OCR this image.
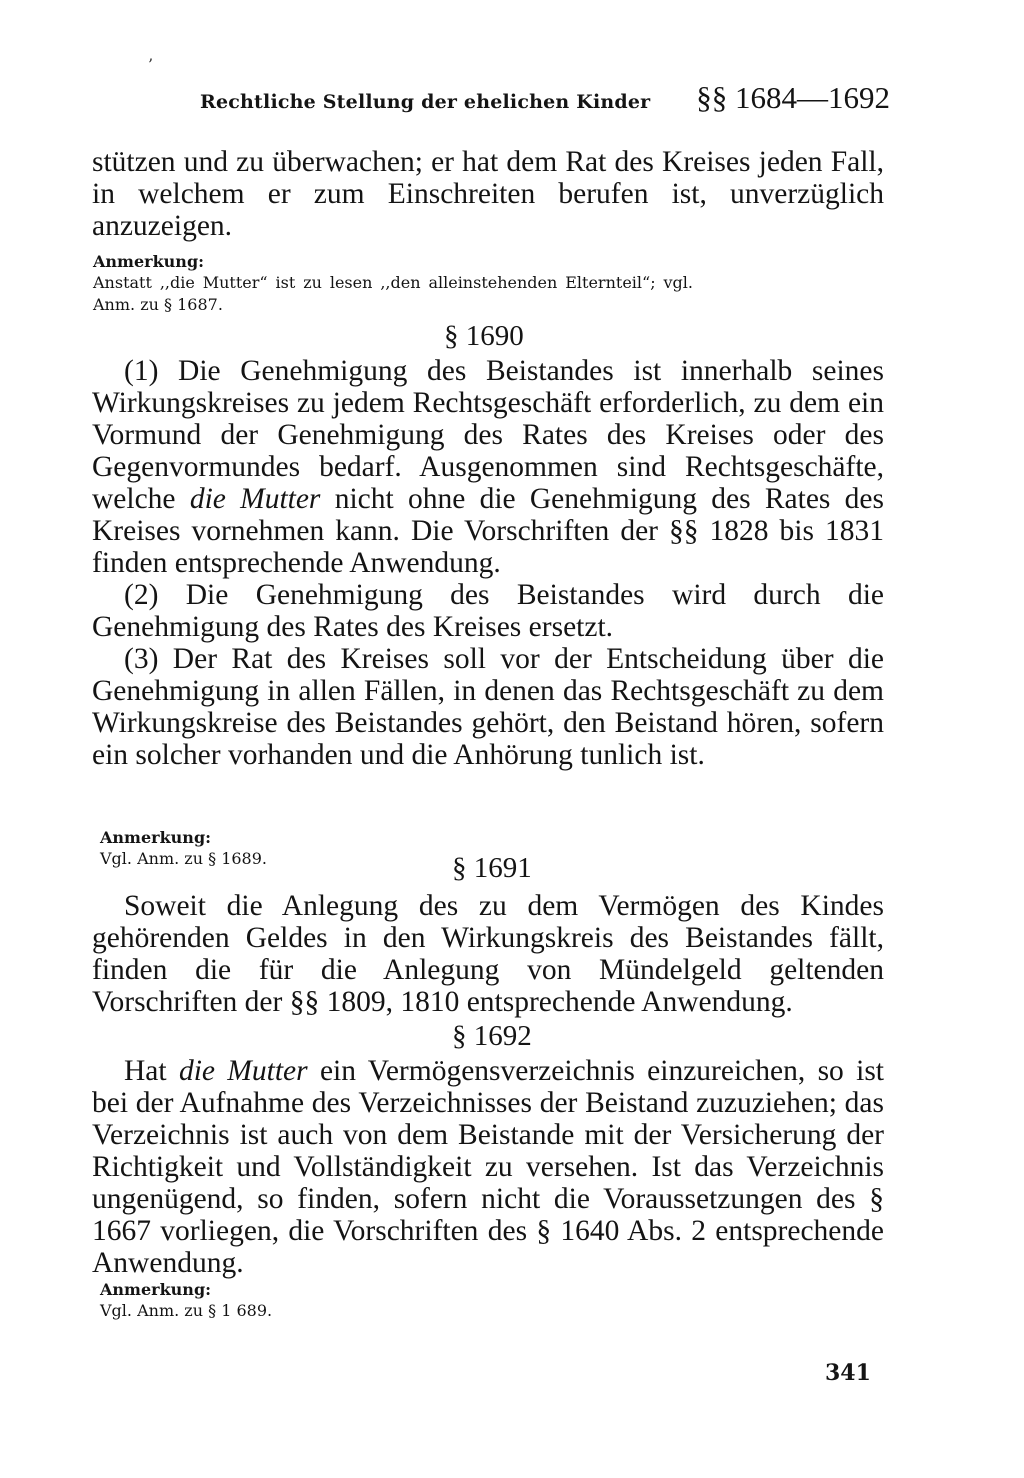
’
Rechtliche Stellung der ehelichen Kinder §§ 1684—1692

stützen und zu überwachen; er hat dem Rat des Kreises jeden Fall, in welchem er zum Einschreiten berufen ist, unverzüglich anzuzeigen.

Anmerkung:
Anstatt ,,die Mutter“ ist zu lesen ,,den alleinstehenden Elternteil“; vgl. Anm. zu § 1687.
§ 1690

(1) Die Genehmigung des Beistandes ist innerhalb seines Wirkungskreises zu jedem Rechtsgeschäft erforderlich, zu dem ein Vormund der Genehmigung des Rates des Kreises oder des Gegenvormundes bedarf. Ausgenommen sind Rechtsgeschäfte, welche die Mutter nicht ohne die Genehmigung des Rates des Kreises vornehmen kann. Die Vorschriften der §§ 1828 bis 1831 finden entsprechende Anwendung.

(2) Die Genehmigung des Beistandes wird durch die Genehmigung des Rates des Kreises ersetzt.

(3) Der Rat des Kreises soll vor der Entscheidung über die Genehmigung in allen Fällen, in denen das Rechtsgeschäft zu dem Wirkungskreise des Beistandes gehört, den Beistand hören, sofern ein solcher vorhanden und die Anhörung tunlich ist.

Anmerkung:
Vgl. Anm. zu § 1689.	§ 1691

Soweit die Anlegung des zu dem Vermögen des Kindes gehörenden Geldes in den Wirkungskreis des Beistandes fällt, finden die für die Anlegung von Mündelgeld geltenden Vorschriften der §§ 1809, 1810 entsprechende Anwendung.

§ 1692

Hat die Mutter ein Vermögensverzeichnis einzureichen, so ist bei der Aufnahme des Verzeichnisses der Beistand zuzuziehen; das Verzeichnis ist auch von dem Beistande mit der Versicherung der Richtigkeit und Vollständigkeit zu versehen. Ist das Verzeichnis ungenügend, so finden, sofern nicht die Voraussetzungen des § 1667 vorliegen, die Vorschriften des § 1640 Abs. 2 entsprechende Anwendung.

Anmerkung:
Vgl. Anm. zu § 1 689.
341
